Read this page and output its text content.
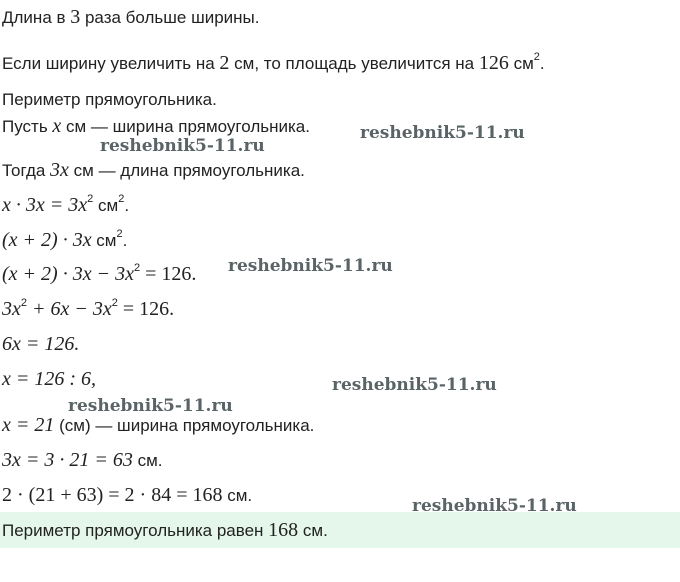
Длина в 3 раза больше ширины.
Если ширину увеличить на 2 см, то площадь увеличится на 126 $см^2$.
Периметр прямоугольника.
Пусть x см — ширина прямоугольника.
Тогда 3x см — длина прямоугольника.
$x \cdot 3x = 3x^2$ $см^2$.
(x + 2) · 3x $см^2$.
$(x + 2) \cdot 3x - 3x^2 = 126$.
$3x^2 + 6x - 3x^2 = 126$.
6x = 126.
x = 126 : 6,
x = 21 (см) — ширина прямоугольника.
3x = 3 · 21 = 63 см.
2 · (21 + 63) = 2 · 84 = 168 см.
Периметр прямоугольника равен 168 см.
reshebnik5-11.ru
reshebnik5-11.ru
reshebnik5-11.ru
reshebnik5-11.ru
reshebnik5-11.ru
reshebnik5-11.ru
